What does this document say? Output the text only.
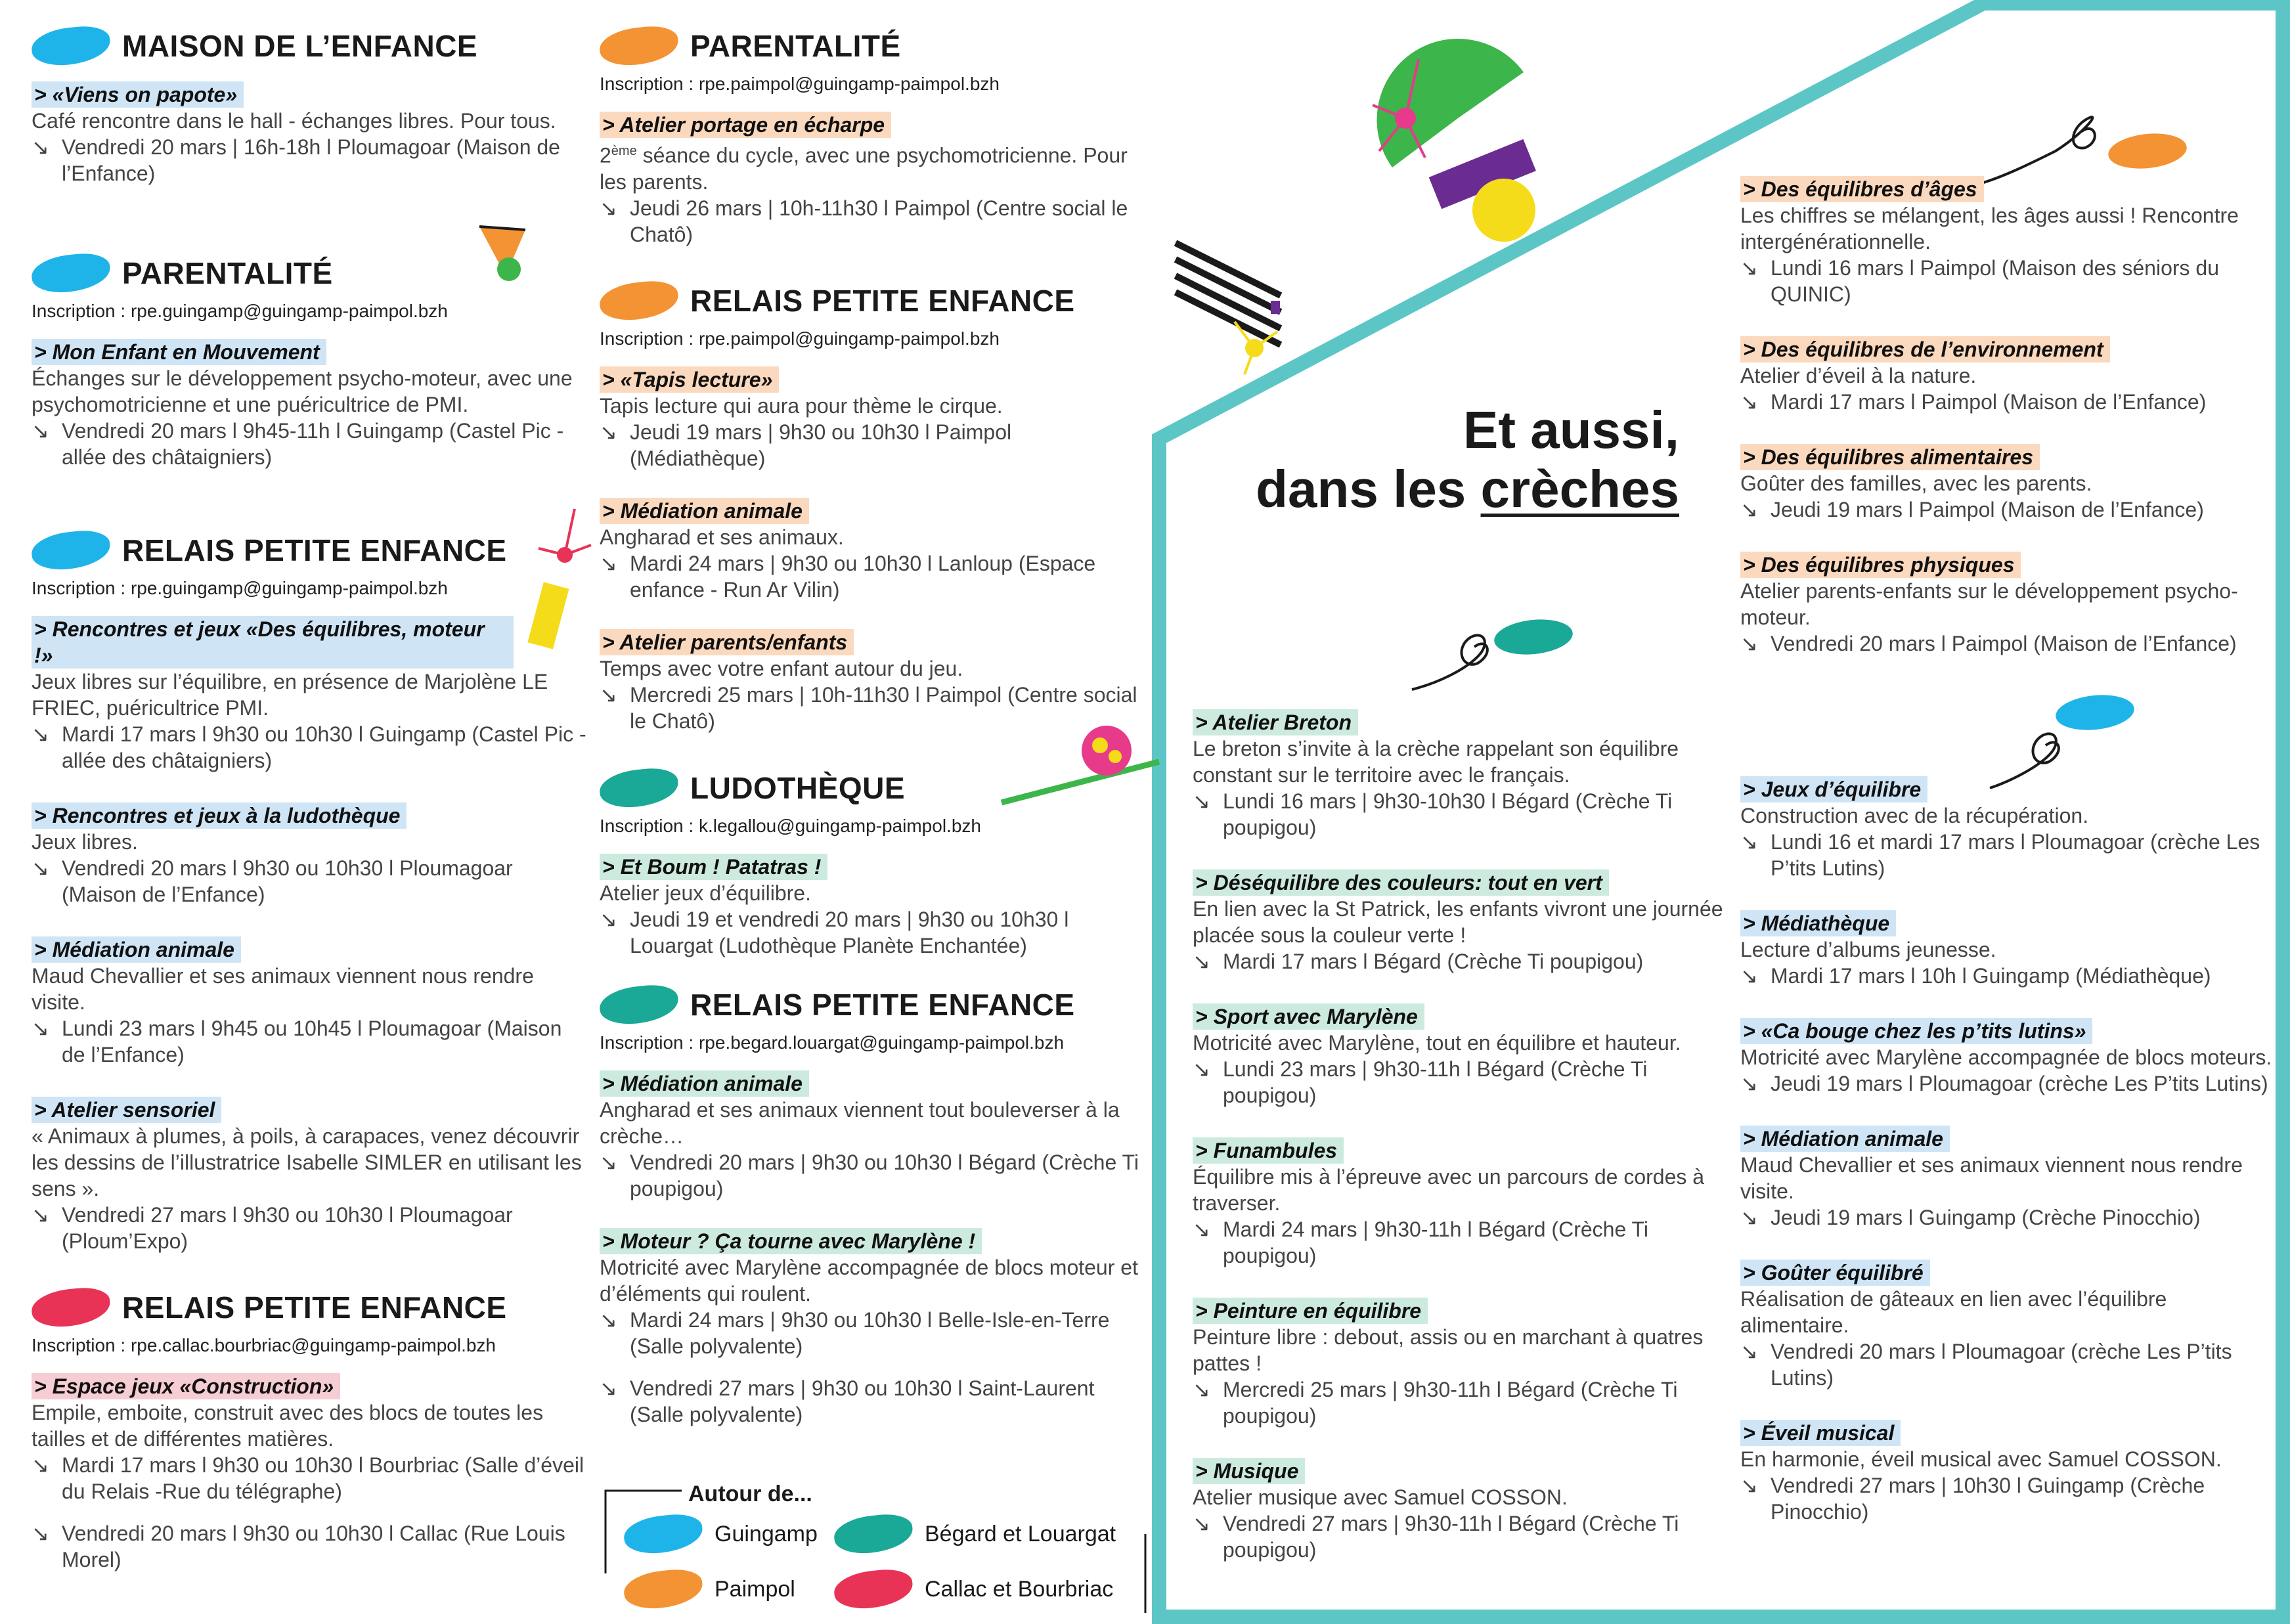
MAISON DE L’ENFANCE
> «Viens on papote»

Café rencontre dans le hall - échanges libres. Pour tous.

↘ Vendredi 20 mars | 16h-18h l Ploumagoar (Maison de l’Enfance)

PARENTALITÉ

Inscription : rpe.guingamp@guingamp-paimpol.bzh

> Mon Enfant en Mouvement

Échanges sur le développement psycho-moteur, avec une psychomotricienne et une puéricultrice de PMI.

↘ Vendredi 20 mars l 9h45-11h l Guingamp (Castel Pic - allée des châtaigniers)

RELAIS PETITE ENFANCE

Inscription : rpe.guingamp@guingamp-paimpol.bzh

> Rencontres et jeux «Des équilibres, moteur !»

Jeux libres sur l’équilibre, en présence de Marjolène LE FRIEC, puéricultrice PMI.

↘ Mardi 17 mars l 9h30 ou 10h30 l Guingamp (Castel Pic - allée des châtaigniers)

> Rencontres et jeux à la ludothèque

Jeux libres.

↘ Vendredi 20 mars l 9h30 ou 10h30 l Ploumagoar (Maison de l’Enfance)

> Médiation animale

Maud Chevallier et ses animaux viennent nous rendre visite.

↘ Lundi 23 mars l 9h45 ou 10h45 l Ploumagoar (Maison de l’Enfance)

> Atelier sensoriel

« Animaux à plumes, à poils, à carapaces, venez découvrir les dessins de l’illustratrice Isabelle SIMLER en utilisant les sens ».

↘ Vendredi 27 mars l 9h30 ou 10h30 l Ploumagoar (Ploum’Expo)

RELAIS PETITE ENFANCE

Inscription : rpe.callac.bourbriac@guingamp-paimpol.bzh

> Espace jeux «Construction»

Empile, emboite, construit avec des blocs de toutes les tailles et de différentes matières.

↘ Mardi 17 mars l 9h30 ou 10h30 l Bourbriac (Salle d’éveil du Relais -Rue du télégraphe)

↘ Vendredi 20 mars l 9h30 ou 10h30 l Callac (Rue Louis Morel)

PARENTALITÉ

Inscription : rpe.paimpol@guingamp-paimpol.bzh

> Atelier portage en écharpe

2ème séance du cycle, avec une psychomotricienne. Pour les parents.

↘ Jeudi 26 mars | 10h-11h30 l Paimpol (Centre social le Chatô)

RELAIS PETITE ENFANCE

Inscription : rpe.paimpol@guingamp-paimpol.bzh

> «Tapis lecture»

Tapis lecture qui aura pour thème le cirque.

↘ Jeudi 19 mars | 9h30 ou 10h30 l Paimpol (Médiathèque)

> Médiation animale

Angharad et ses animaux.

↘ Mardi 24 mars | 9h30 ou 10h30 l Lanloup (Espace enfance - Run Ar Vilin)

> Atelier parents/enfants

Temps avec votre enfant autour du jeu.

↘ Mercredi 25 mars | 10h-11h30 l Paimpol (Centre social le Chatô)

LUDOTHÈQUE

Inscription : k.legallou@guingamp-paimpol.bzh

> Et Boum ! Patatras !

Atelier jeux d’équilibre.

↘ Jeudi 19 et vendredi 20 mars | 9h30 ou 10h30 l Louargat (Ludothèque Planète Enchantée)

RELAIS PETITE ENFANCE

Inscription : rpe.begard.louargat@guingamp-paimpol.bzh

> Médiation animale

Angharad et ses animaux viennent tout bouleverser à la crèche…

↘ Vendredi 20 mars | 9h30 ou 10h30 l Bégard (Crèche Ti poupigou)

> Moteur ? Ça tourne avec Marylène !

Motricité avec Marylène accompagnée de blocs moteur et d’éléments qui roulent.

↘ Mardi 24 mars | 9h30 ou 10h30 l Belle-Isle-en-Terre (Salle polyvalente)

↘ Vendredi 27 mars | 9h30 ou 10h30 l Saint-Laurent (Salle polyvalente)

Autour de...
Guingamp	Bégard et Louargat
Paimpol	Callac et Bourbriac
Et aussi,
dans les crèches
> Atelier Breton

Le breton s’invite à la crèche rappelant son équilibre constant sur le territoire avec le français.

↘ Lundi 16 mars | 9h30-10h30 l Bégard (Crèche Ti poupigou)

> Déséquilibre des couleurs: tout en vert

En lien avec la St Patrick, les enfants vivront une journée placée sous la couleur verte !

↘ Mardi 17 mars l Bégard (Crèche Ti poupigou)

> Sport avec Marylène

Motricité avec Marylène, tout en équilibre et hauteur.

↘ Lundi 23 mars | 9h30-11h l Bégard (Crèche Ti poupigou)

> Funambules

Équilibre mis à l’épreuve avec un parcours de cordes à traverser.

↘ Mardi 24 mars | 9h30-11h l Bégard (Crèche Ti poupigou)

> Peinture en équilibre

Peinture libre : debout, assis ou en marchant à quatres pattes !

↘ Mercredi 25 mars | 9h30-11h l Bégard (Crèche Ti poupigou)

> Musique

Atelier musique avec Samuel COSSON.

↘ Vendredi 27 mars | 9h30-11h l Bégard (Crèche Ti poupigou)

> Des équilibres d’âges

Les chiffres se mélangent, les âges aussi ! Rencontre intergénérationnelle.

↘ Lundi 16 mars l Paimpol (Maison des séniors du QUINIC)

> Des équilibres de l’environnement

Atelier d’éveil à la nature.

↘ Mardi 17 mars l Paimpol (Maison de l’Enfance)

> Des équilibres alimentaires

Goûter des familles, avec les parents.

↘ Jeudi 19 mars l Paimpol (Maison de l’Enfance)

> Des équilibres physiques

Atelier parents-enfants sur le développement psycho-moteur.

↘ Vendredi 20 mars l Paimpol (Maison de l’Enfance)

> Jeux d’équilibre

Construction avec de la récupération.

↘ Lundi 16 et mardi 17 mars l Ploumagoar (crèche Les P’tits Lutins)

> Médiathèque

Lecture d’albums jeunesse.

↘ Mardi 17 mars l 10h l Guingamp (Médiathèque)

> «Ca bouge chez les p’tits lutins»

Motricité avec Marylène accompagnée de blocs moteurs.

↘ Jeudi 19 mars l Ploumagoar (crèche Les P’tits Lutins)

> Médiation animale

Maud Chevallier et ses animaux viennent nous rendre visite.

↘ Jeudi 19 mars l Guingamp (Crèche Pinocchio)

> Goûter équilibré

Réalisation de gâteaux en lien avec l’équilibre alimentaire.

↘ Vendredi 20 mars l Ploumagoar (crèche Les P’tits Lutins)

> Éveil musical

En harmonie, éveil musical avec Samuel COSSON.

↘ Vendredi 27 mars | 10h30 l Guingamp (Crèche Pinocchio)
